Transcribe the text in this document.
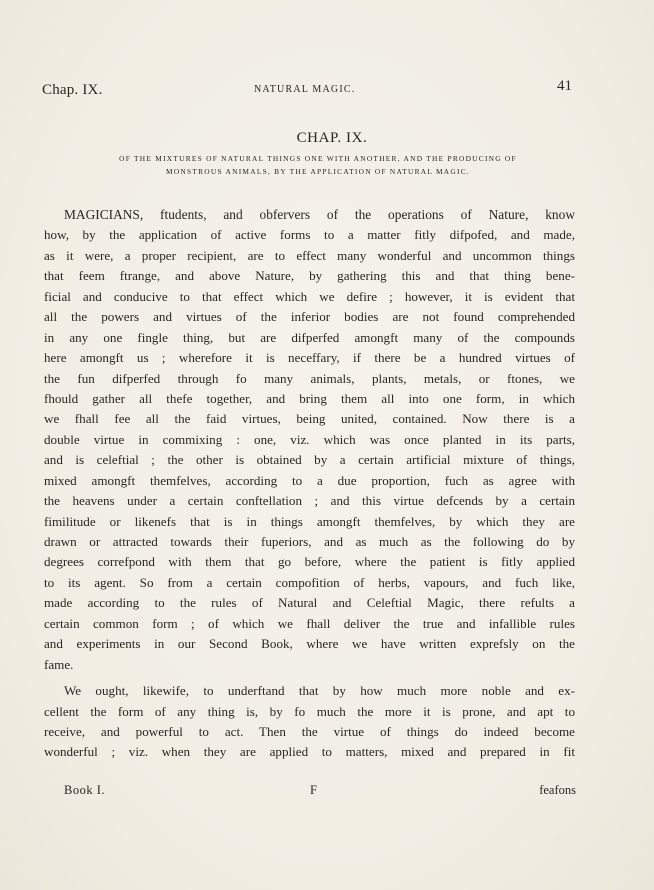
Chap. IX.	NATURAL MAGIC.	41
CHAP. IX.
OF THE MIXTURES OF NATURAL THINGS ONE WITH ANOTHER, AND THE PRODUCING OF
MONSTROUS ANIMALS, BY THE APPLICATION OF NATURAL MAGIC.
MAGICIANS, ftudents, and obfervers of the operations of Nature, know
how, by the application of active forms to a matter fitly difpofed, and made,
as it were, a proper recipient, are to effect many wonderful and uncommon things
that feem ftrange, and above Nature, by gathering this and that thing bene-
ficial and conducive to that effect which we defire ; however, it is evident that
all the powers and virtues of the inferior bodies are not found comprehended
in any one fingle thing, but are difperfed amongft many of the compounds
here amongft us ; wherefore it is neceffary, if there be a hundred virtues of
the fun difperfed through fo many animals, plants, metals, or ftones, we
fhould gather all thefe together, and bring them all into one form, in which
we fhall fee all the faid virtues, being united, contained. Now there is a
double virtue in commixing : one, viz. which was once planted in its parts,
and is celeftial ; the other is obtained by a certain artificial mixture of things,
mixed amongft themfelves, according to a due proportion, fuch as agree with
the heavens under a certain conftellation ; and this virtue defcends by a certain
fimilitude or likenefs that is in things amongft themfelves, by which they are
drawn or attracted towards their fuperiors, and as much as the following do by
degrees correfpond with them that go before, where the patient is fitly applied
to its agent. So from a certain compofition of herbs, vapours, and fuch like,
made according to the rules of Natural and Celeftial Magic, there refults a
certain common form ; of which we fhall deliver the true and infallible rules
and experiments in our Second Book, where we have written exprefsly on the
fame.
We ought, likewife, to underftand that by how much more noble and ex-
cellent the form of any thing is, by fo much the more it is prone, and apt to
receive, and powerful to act. Then the virtue of things do indeed become
wonderful ; viz. when they are applied to matters, mixed and prepared in fit
Book I.	F	feafons
